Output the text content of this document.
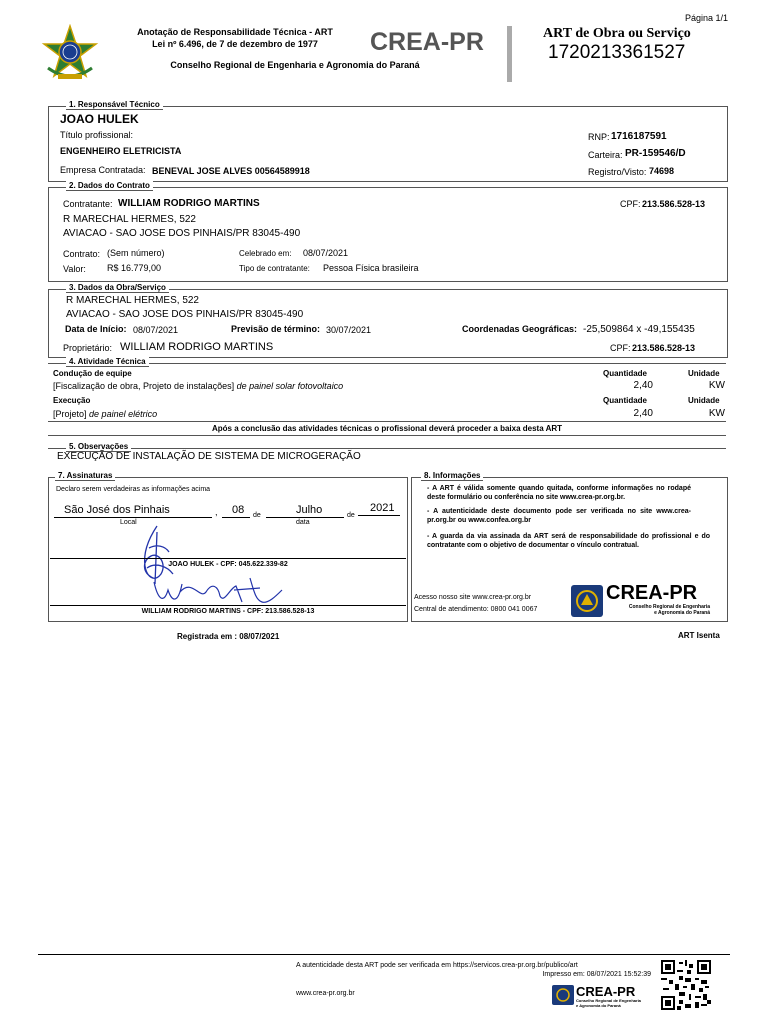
Anotação de Responsabilidade Técnica - ART
Lei nº 6.496, de 7 de dezembro de 1977
Conselho Regional de Engenharia e Agronomia do Paraná
CREA-PR
Página 1/1
ART de Obra ou Serviço
1720213361527
1. Responsável Técnico
JOAO HULEK
Título profissional:
ENGENHEIRO ELETRICISTA
Empresa Contratada: BENEVAL JOSE ALVES 00564589918
RNP: 1716187591
Carteira: PR-159546/D
Registro/Visto: 74698
2. Dados do Contrato
Contratante: WILLIAM RODRIGO MARTINS	CPF: 213.586.528-13
R MARECHAL HERMES, 522
AVIACAO - SAO JOSE DOS PINHAIS/PR 83045-490
Contrato: (Sem número)	Celebrado em: 08/07/2021
Valor: R$ 16.779,00	Tipo de contratante: Pessoa Física brasileira
3. Dados da Obra/Serviço
R MARECHAL HERMES, 522
AVIACAO - SAO JOSE DOS PINHAIS/PR 83045-490
Data de Início: 08/07/2021	Previsão de término: 30/07/2021	Coordenadas Geográficas: -25,509864 x -49,155435
Proprietário: WILLIAM RODRIGO MARTINS	CPF: 213.586.528-13
4. Atividade Técnica
Condução de equipe	Quantidade	Unidade
[Fiscalização de obra, Projeto de instalações] de painel solar fotovoltaico	2,40	KW
Execução	Quantidade	Unidade
[Projeto] de painel elétrico	2,40	KW
Após a conclusão das atividades técnicas o profissional deverá proceder a baixa desta ART
5. Observações
EXECUÇÃO DE INSTALAÇÃO DE SISTEMA DE MICROGERAÇÃO
7. Assinaturas
Declaro serem verdadeiras as informações acima
São José dos Pinhais	, 08 de	Julho	de
2021
Local	data
JOAO HULEK - CPF: 045.622.339-82
WILLIAM RODRIGO MARTINS - CPF: 213.586.528-13
8. Informações
- A ART é válida somente quando quitada, conforme informações no rodapé deste formulário ou conferência no site www.crea-pr.org.br.
- A autenticidade deste documento pode ser verificada no site www.crea-pr.org.br ou www.confea.org.br
- A guarda da via assinada da ART será de responsabilidade do profissional e do contratante com o objetivo de documentar o vínculo contratual.
Acesso nosso site www.crea-pr.org.br
Central de atendimento: 0800 041 0067
CREA-PR
Conselho Regional de Engenharia
e Agronomia do Paraná
Registrada em : 08/07/2021	ART Isenta
A autenticidade desta ART pode ser verificada em https://servicos.crea-pr.org.br/publico/art
Impresso em: 08/07/2021 15:52:39
www.crea-pr.org.br	CREA-PR
Conselho Regional de Engenharia
e Agronomia do Paraná
